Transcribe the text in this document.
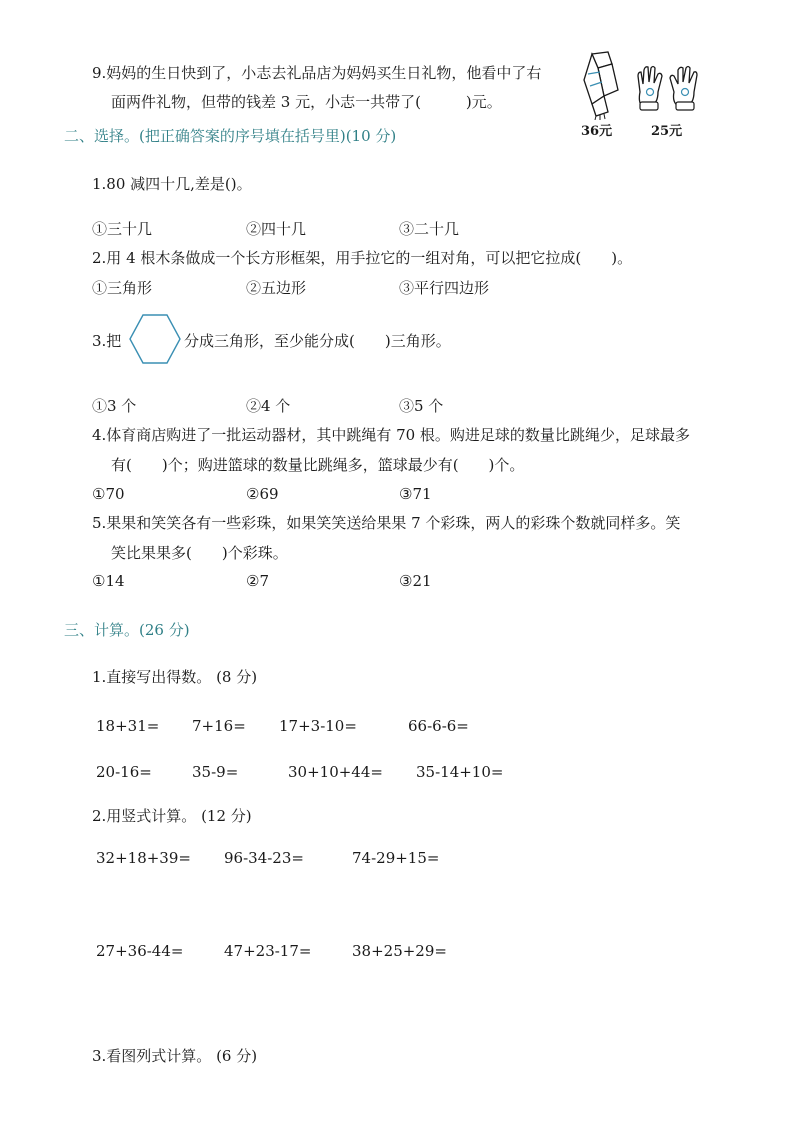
9.妈妈的生日快到了，小志去礼品店为妈妈买生日礼物，他看中了右
面两件礼物，但带的钱差 3 元，小志一共带了(　　　)元。
36元	25元
二、选择。(把正确答案的序号填在括号里)(10 分)
1.80 减四十几,差是()。
①三十几	②四十几	③二十几
2.用 4 根木条做成一个长方形框架，用手拉它的一组对角，可以把它拉成(　　)。
①三角形	②五边形	③平行四边形
3.把	分成三角形，至少能分成(　　)三角形。
①3 个	②4 个	③5 个
4.体育商店购进了一批运动器材，其中跳绳有 70 根。购进足球的数量比跳绳少，足球最多
有(　　)个；购进篮球的数量比跳绳多，篮球最少有(　　)个。
①70	②69	③71
5.果果和笑笑各有一些彩珠，如果笑笑送给果果 7 个彩珠，两人的彩珠个数就同样多。笑
笑比果果多(　　)个彩珠。
①14	②7	③21
三、计算。(26 分)
1.直接写出得数。 (8 分)
18+31= 7+16= 17+3-10=	66-6-6=
20-16=	35-9=	30+10+44= 35-14+10=
2.用竖式计算。 (12 分)
32+18+39= 96-34-23=	74-29+15=
27+36-44=	47+23-17=	38+25+29=
3.看图列式计算。 (6 分)
